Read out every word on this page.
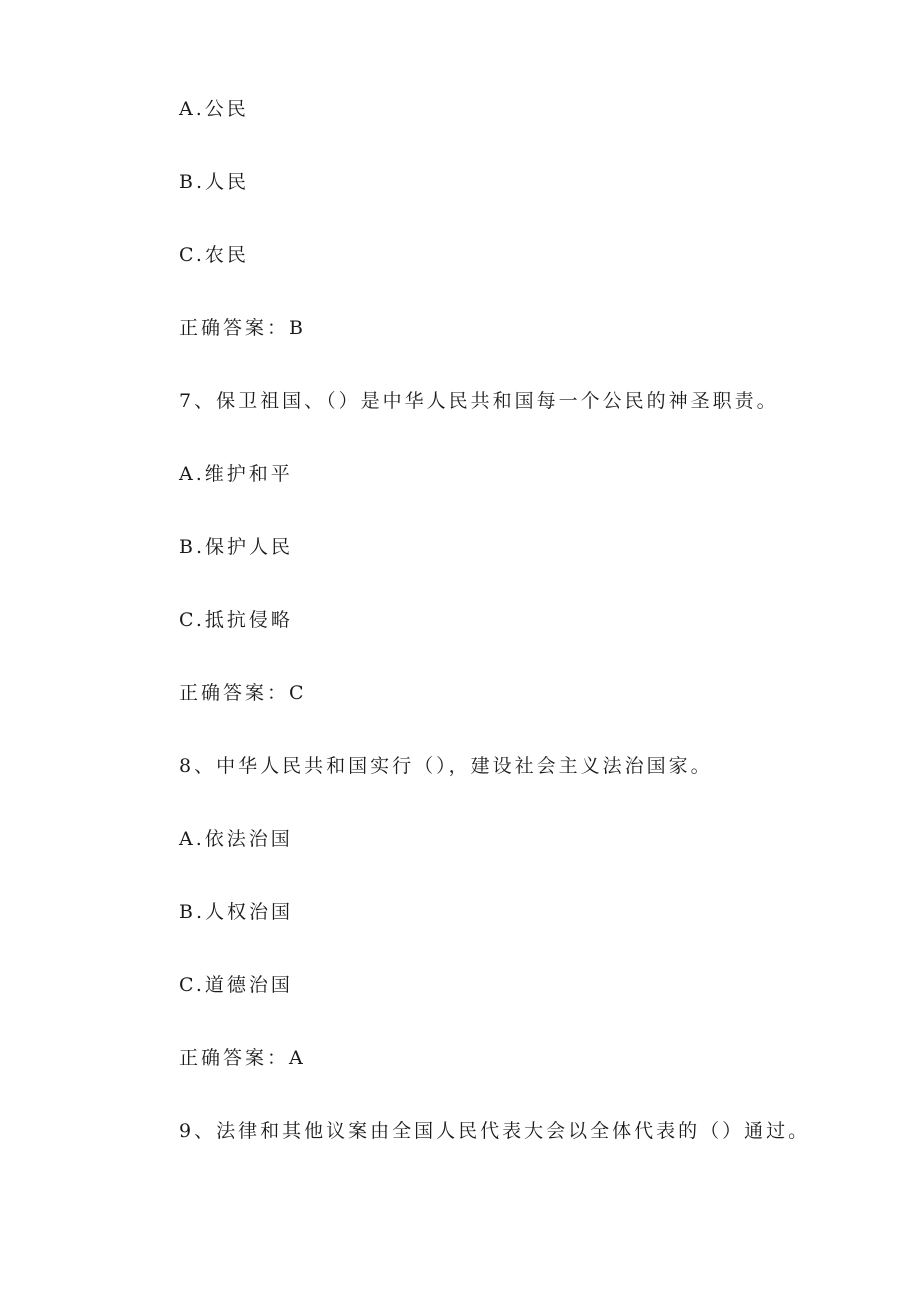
A.公民
B.人民
C.农民
正确答案：B
7、保卫祖国、（）是中华人民共和国每一个公民的神圣职责。
A.维护和平
B.保护人民
C.抵抗侵略
正确答案：C
8、中华人民共和国实行（），建设社会主义法治国家。
A.依法治国
B.人权治国
C.道德治国
正确答案：A
9、法律和其他议案由全国人民代表大会以全体代表的（）通过。
